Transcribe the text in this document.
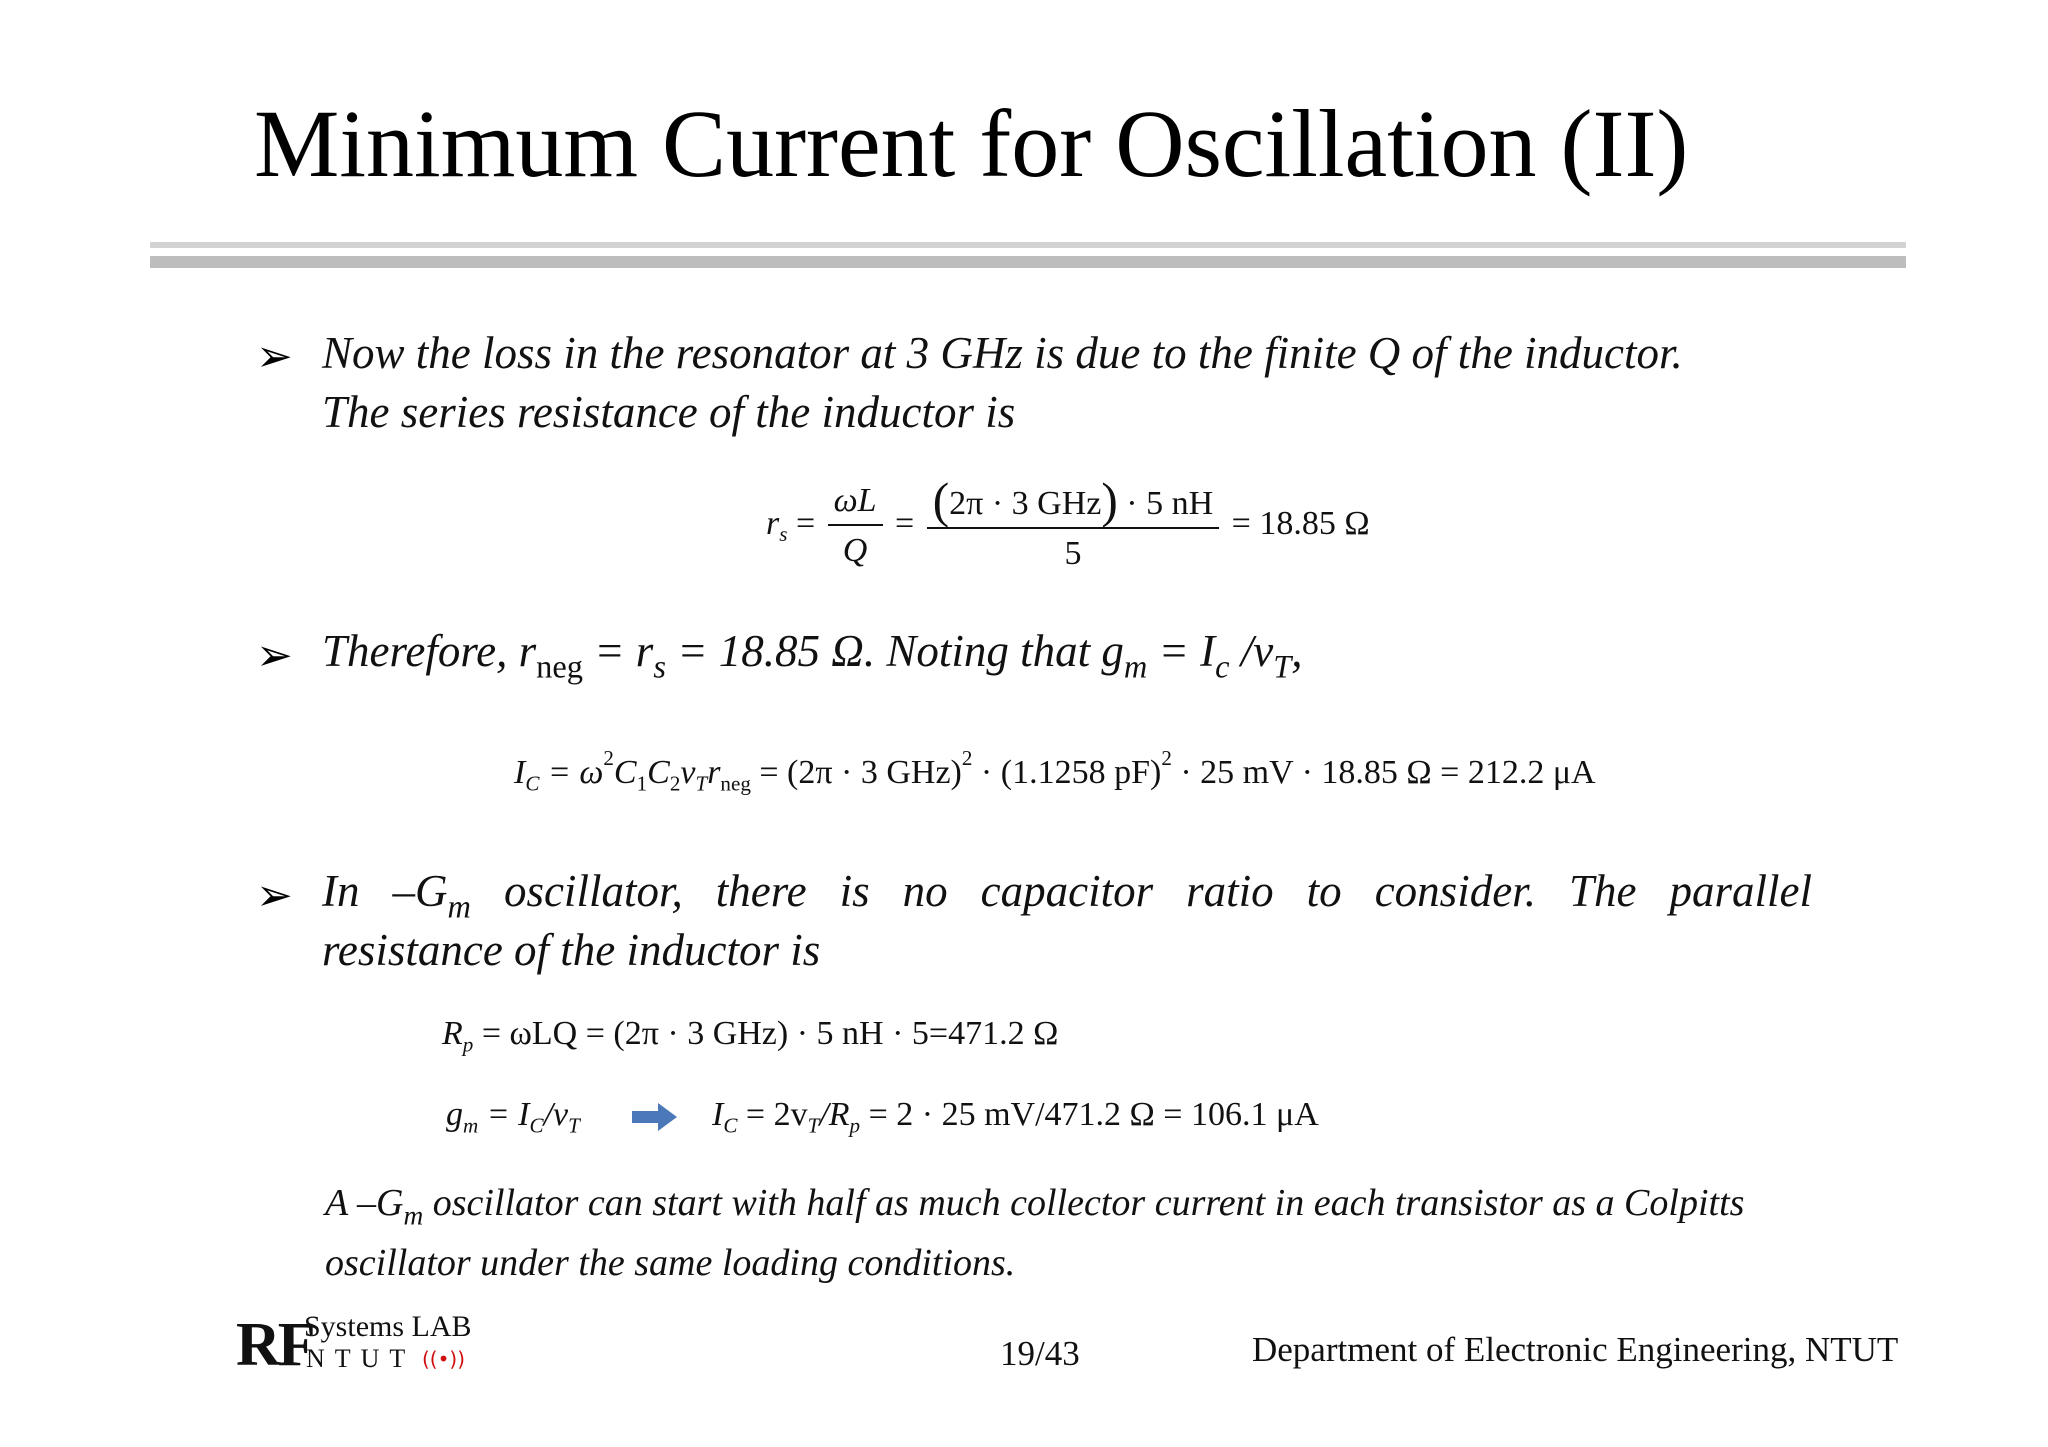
Minimum Current for Oscillation (II)
➢ Now the loss in the resonator at 3 GHz is due to the finite Q of the inductor.
The series resistance of the inductor is
$r_s = \frac{\omega L}{Q} = \frac{\text{(2π · 3 GHz) · 5 nH}}{5} = 18.85$ Ω
➢ Therefore, $r_{neg} = r_s = 18.85$ Ω. Noting that $g_m = I_c$ $/v_T$,
$I_C = \omega^2C_1C_2v_Tr_{neg} = (2\pi \cdot 3$ GHz)$^2$ · (1.1258 pF)$^2$ · 25 mV · 18.85 Ω = 212.2 μA
➢ In $-G_m$ oscillator, there is no capacitor ratio to consider. The parallel
resistance of the inductor is
$R_p = \omega LQ = (2\pi \cdot 3$ GHz) · 5 nH · 5=471.2 Ω
$g_m = I_C/v_T$	$I_C = 2v_T/R_p = 2 \cdot 25$ mV/471.2 Ω = 106.1 μA
A $-G_m$ oscillator can start with half as much collector current in each transistor as a Colpitts oscillator under the same loading conditions.
RF
Systems LAB
NTUT ((•))	19/43	Department of Electronic Engineering, NTUT
